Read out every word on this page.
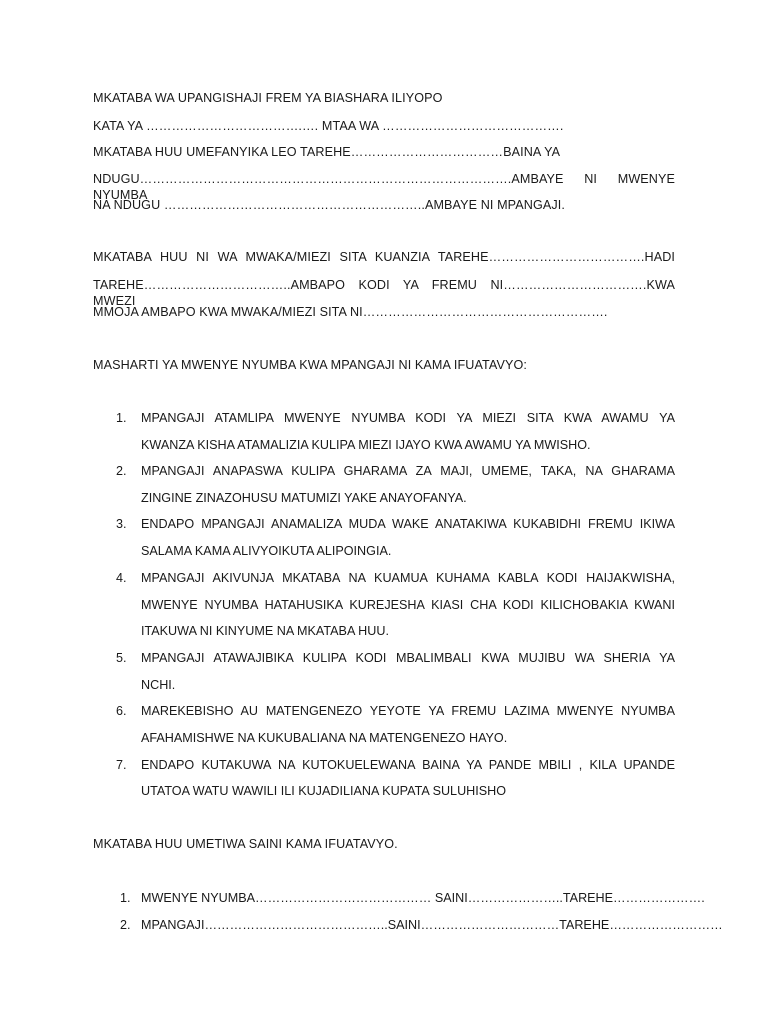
MKATABA WA UPANGISHAJI FREM YA BIASHARA ILIYOPO
KATA YA ……………………………….…. MTAA WA …………………………………….
MKATABA HUU UMEFANYIKA LEO TAREHE………………………………BAINA YA
NDUGU…………………………………………………………………………….AMBAYE NI MWENYE NYUMBA
NA NDUGU ……………………………………………………..AMBAYE NI MPANGAJI.
MKATABA HUU NI WA MWAKA/MIEZI SITA KUANZIA TAREHE……………………………….HADI
TAREHE……………………………..AMBAPO KODI YA FREMU NI…………………………….KWA MWEZI
MMOJA AMBAPO KWA MWAKA/MIEZI SITA NI………………………………………………….
MASHARTI YA MWENYE NYUMBA KWA MPANGAJI NI KAMA IFUATAVYO:
1. MPANGAJI ATAMLIPA MWENYE NYUMBA KODI YA MIEZI SITA KWA AWAMU YA
KWANZA KISHA ATAMALIZIA KULIPA MIEZI IJAYO KWA AWAMU YA MWISHO.
2. MPANGAJI ANAPASWA KULIPA GHARAMA ZA MAJI, UMEME, TAKA, NA GHARAMA
ZINGINE ZINAZOHUSU MATUMIZI YAKE ANAYOFANYA.
3. ENDAPO MPANGAJI ANAMALIZA MUDA WAKE ANATAKIWA KUKABIDHI FREMU IKIWA
SALAMA KAMA ALIVYOIKUTA ALIPOINGIA.
4. MPANGAJI AKIVUNJA MKATABA NA KUAMUA KUHAMA KABLA KODI HAIJAKWISHA,
MWENYE NYUMBA HATAHUSIKA KUREJESHA KIASI CHA KODI KILICHOBAKIA KWANI
ITAKUWA NI KINYUME NA MKATABA HUU.
5. MPANGAJI ATAWAJIBIKA KULIPA KODI MBALIMBALI KWA MUJIBU WA SHERIA YA
NCHI.
6. MAREKEBISHO AU MATENGENEZO YEYOTE YA FREMU LAZIMA MWENYE NYUMBA
AFAHAMISHWE NA KUKUBALIANA NA MATENGENEZO HAYO.
7. ENDAPO KUTAKUWA NA KUTOKUELEWANA BAINA YA PANDE MBILI , KILA UPANDE
UTATOA WATU WAWILI ILI KUJADILIANA KUPATA SULUHISHO
MKATABA HUU UMETIWA SAINI KAMA IFUATAVYO.
1. MWENYE NYUMBA…………………………………… SAINI…………………..TAREHE………………….
2. MPANGAJI……………………………………..SAINI……………………………TAREHE………………………
